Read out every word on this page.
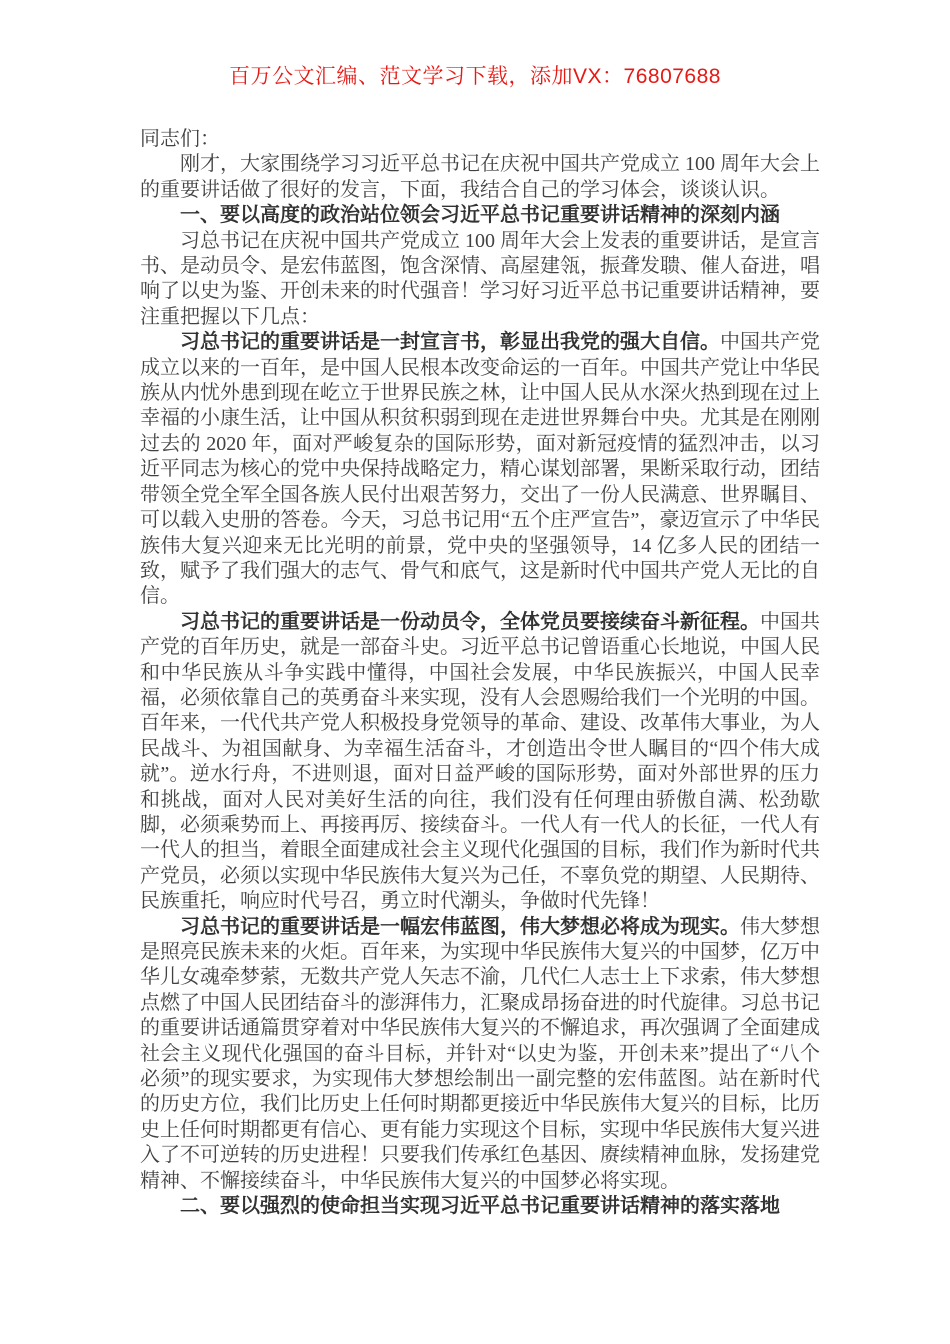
百万公文汇编、范文学习下载，添加VX：76807688

同志们：

刚才，大家围绕学习习近平总书记在庆祝中国共产党成立 100 周年大会上的重要讲话做了很好的发言，下面，我结合自己的学习体会，谈谈认识。

一、要以高度的政治站位领会习近平总书记重要讲话精神的深刻内涵

习总书记在庆祝中国共产党成立 100 周年大会上发表的重要讲话，是宣言书、是动员令、是宏伟蓝图，饱含深情、高屋建瓴，振聋发聩、催人奋进，唱响了以史为鉴、开创未来的时代强音！学习好习近平总书记重要讲话精神，要注重把握以下几点：

习总书记的重要讲话是一封宣言书，彰显出我党的强大自信。中国共产党成立以来的一百年，是中国人民根本改变命运的一百年。中国共产党让中华民族从内忧外患到现在屹立于世界民族之林，让中国人民从水深火热到现在过上幸福的小康生活，让中国从积贫积弱到现在走进世界舞台中央。尤其是在刚刚过去的 2020 年，面对严峻复杂的国际形势，面对新冠疫情的猛烈冲击，以习近平同志为核心的党中央保持战略定力，精心谋划部署，果断采取行动，团结带领全党全军全国各族人民付出艰苦努力，交出了一份人民满意、世界瞩目、可以载入史册的答卷。今天，习总书记用“五个庄严宣告”，豪迈宣示了中华民族伟大复兴迎来无比光明的前景，党中央的坚强领导，14 亿多人民的团结一致，赋予了我们强大的志气、骨气和底气，这是新时代中国共产党人无比的自信。

习总书记的重要讲话是一份动员令，全体党员要接续奋斗新征程。中国共产党的百年历史，就是一部奋斗史。习近平总书记曾语重心长地说，中国人民和中华民族从斗争实践中懂得，中国社会发展，中华民族振兴，中国人民幸福，必须依靠自己的英勇奋斗来实现，没有人会恩赐给我们一个光明的中国。百年来，一代代共产党人积极投身党领导的革命、建设、改革伟大事业，为人民战斗、为祖国献身、为幸福生活奋斗，才创造出令世人瞩目的“四个伟大成就”。逆水行舟，不进则退，面对日益严峻的国际形势，面对外部世界的压力和挑战，面对人民对美好生活的向往，我们没有任何理由骄傲自满、松劲歇脚，必须乘势而上、再接再厉、接续奋斗。一代人有一代人的长征，一代人有一代人的担当，着眼全面建成社会主义现代化强国的目标，我们作为新时代共产党员，必须以实现中华民族伟大复兴为己任，不辜负党的期望、人民期待、民族重托，响应时代号召，勇立时代潮头，争做时代先锋！

习总书记的重要讲话是一幅宏伟蓝图，伟大梦想必将成为现实。伟大梦想是照亮民族未来的火炬。百年来，为实现中华民族伟大复兴的中国梦，亿万中华儿女魂牵梦萦，无数共产党人矢志不渝，几代仁人志士上下求索，伟大梦想点燃了中国人民团结奋斗的澎湃伟力，汇聚成昂扬奋进的时代旋律。习总书记的重要讲话通篇贯穿着对中华民族伟大复兴的不懈追求，再次强调了全面建成社会主义现代化强国的奋斗目标，并针对“以史为鉴，开创未来”提出了“八个必须”的现实要求，为实现伟大梦想绘制出一副完整的宏伟蓝图。站在新时代的历史方位，我们比历史上任何时期都更接近中华民族伟大复兴的目标，比历史上任何时期都更有信心、更有能力实现这个目标，实现中华民族伟大复兴进入了不可逆转的历史进程！只要我们传承红色基因、赓续精神血脉，发扬建党精神、不懈接续奋斗，中华民族伟大复兴的中国梦必将实现。

二、要以强烈的使命担当实现习近平总书记重要讲话精神的落实落地
